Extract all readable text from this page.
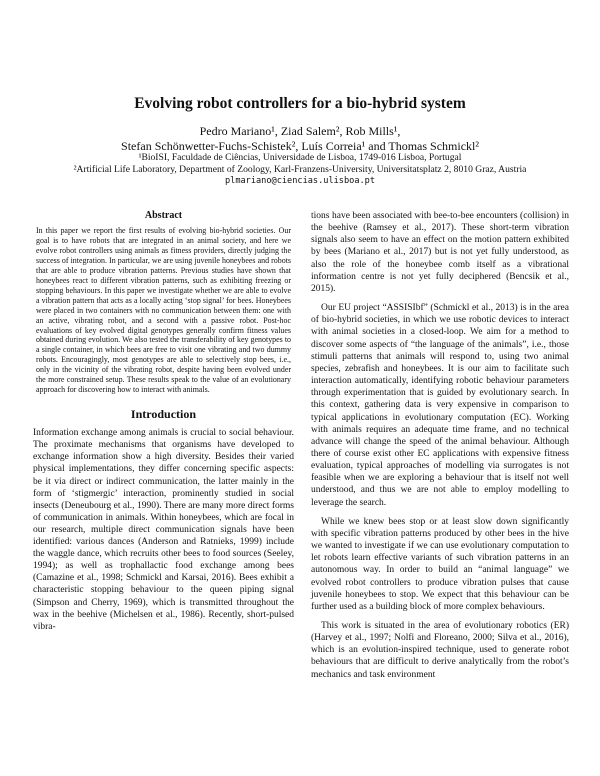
Evolving robot controllers for a bio-hybrid system
Pedro Mariano¹, Ziad Salem², Rob Mills¹,
Stefan Schönwetter-Fuchs-Schistek², Luís Correia¹ and Thomas Schmickl²
¹BioISI, Faculdade de Ciências, Universidade de Lisboa, 1749-016 Lisboa, Portugal
²Artificial Life Laboratory, Department of Zoology, Karl-Franzens-University, Universitatsplatz 2, 8010 Graz, Austria
plmariano@ciencias.ulisboa.pt
Abstract

In this paper we report the first results of evolving bio-hybrid societies. Our goal is to have robots that are integrated in an animal society, and here we evolve robot controllers using animals as fitness providers, directly judging the success of integration. In particular, we are using juvenile honeybees and robots that are able to produce vibration patterns. Previous studies have shown that honeybees react to different vibration patterns, such as exhibiting freezing or stopping behaviours. In this paper we investigate whether we are able to evolve a vibration pattern that acts as a locally acting ‘stop signal’ for bees. Honeybees were placed in two containers with no communication between them: one with an active, vibrating robot, and a second with a passive robot. Post-hoc evaluations of key evolved digital genotypes generally confirm fitness values obtained during evolution. We also tested the transferability of key genotypes to a single container, in which bees are free to visit one vibrating and two dummy robots. Encouragingly, most genotypes are able to selectively stop bees, i.e., only in the vicinity of the vibrating robot, despite having been evolved under the more constrained setup. These results speak to the value of an evolutionary approach for discovering how to interact with animals.

Introduction

Information exchange among animals is crucial to social behaviour. The proximate mechanisms that organisms have developed to exchange information show a high diversity. Besides their varied physical implementations, they differ concerning specific aspects: be it via direct or indirect communication, the latter mainly in the form of ‘stigmergic’ interaction, prominently studied in social insects (Deneubourg et al., 1990). There are many more direct forms of communication in animals. Within honeybees, which are focal in our research, multiple direct communication signals have been identified: various dances (Anderson and Ratnieks, 1999) include the waggle dance, which recruits other bees to food sources (Seeley, 1994); as well as trophallactic food exchange among bees (Camazine et al., 1998; Schmickl and Karsai, 2016). Bees exhibit a characteristic stopping behaviour to the queen piping signal (Simpson and Cherry, 1969), which is transmitted throughout the wax in the beehive (Michelsen et al., 1986). Recently, short-pulsed vibra-

tions have been associated with bee-to-bee encounters (collision) in the beehive (Ramsey et al., 2017). These short-term vibration signals also seem to have an effect on the motion pattern exhibited by bees (Mariano et al., 2017) but is not yet fully understood, as also the role of the honeybee comb itself as a vibrational information centre is not yet fully deciphered (Bencsik et al., 2015).

Our EU project “ASSISIbf” (Schmickl et al., 2013) is in the area of bio-hybrid societies, in which we use robotic devices to interact with animal societies in a closed-loop. We aim for a method to discover some aspects of “the language of the animals”, i.e., those stimuli patterns that animals will respond to, using two animal species, zebrafish and honeybees. It is our aim to facilitate such interaction automatically, identifying robotic behaviour parameters through experimentation that is guided by evolutionary search. In this context, gathering data is very expensive in comparison to typical applications in evolutionary computation (EC). Working with animals requires an adequate time frame, and no technical advance will change the speed of the animal behaviour. Although there of course exist other EC applications with expensive fitness evaluation, typical approaches of modelling via surrogates is not feasible when we are exploring a behaviour that is itself not well understood, and thus we are not able to employ modelling to leverage the search.

While we knew bees stop or at least slow down significantly with specific vibration patterns produced by other bees in the hive we wanted to investigate if we can use evolutionary computation to let robots learn effective variants of such vibration patterns in an autonomous way. In order to build an “animal language” we evolved robot controllers to produce vibration pulses that cause juvenile honeybees to stop. We expect that this behaviour can be further used as a building block of more complex behaviours.

This work is situated in the area of evolutionary robotics (ER) (Harvey et al., 1997; Nolfi and Floreano, 2000; Silva et al., 2016), which is an evolution-inspired technique, used to generate robot behaviours that are difficult to derive analytically from the robot’s mechanics and task environment
